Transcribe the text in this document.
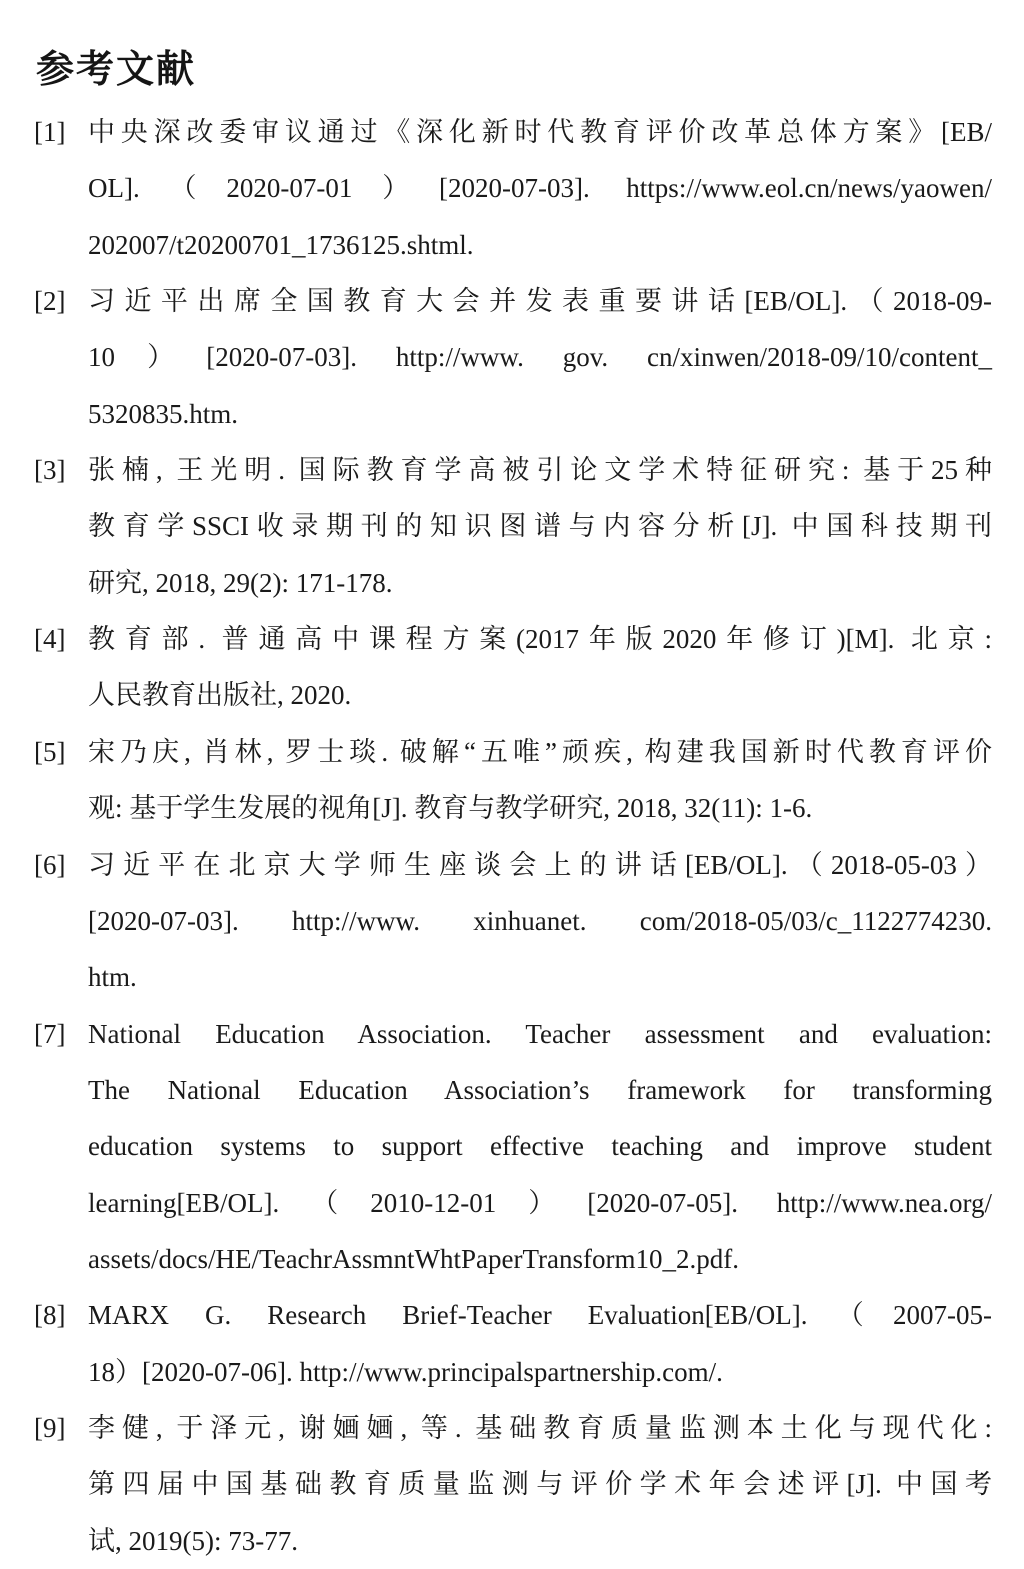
参考文献
[1] 中央深改委审议通过《深化新时代教育评价改革总体方案》[EB/
OL].（2020-07-01）[2020-07-03]. https://www.eol.cn/news/yaowen/
202007/t20200701_1736125.shtml.
[2] 习近平出席全国教育大会并发表重要讲话[EB/OL].（2018-09-
10）[2020-07-03]. http://www. gov. cn/xinwen/2018-09/10/content_
5320835.htm.
[3] 张楠, 王光明. 国际教育学高被引论文学术特征研究: 基于25种
教育学SSCI收录期刊的知识图谱与内容分析[J]. 中国科技期刊
研究, 2018, 29(2): 171-178.
[4] 教育部. 普通高中课程方案(2017年版2020年修订)[M]. 北京:
人民教育出版社, 2020.
[5] 宋乃庆, 肖林, 罗士琰. 破解“五唯”顽疾, 构建我国新时代教育评价
观: 基于学生发展的视角[J]. 教育与教学研究, 2018, 32(11): 1-6.
[6] 习近平在北京大学师生座谈会上的讲话[EB/OL].（2018-05-03）
[2020-07-03]. http://www. xinhuanet. com/2018-05/03/c_1122774230.
htm.
[7] National Education Association. Teacher assessment and evaluation:
The National Education Association’s framework for transforming
education systems to support effective teaching and improve student
learning[EB/OL].（2010-12-01）[2020-07-05]. http://www.nea.org/
assets/docs/HE/TeachrAssmntWhtPaperTransform10_2.pdf.
[8] MARX G. Research Brief-Teacher Evaluation[EB/OL].（2007-05-
18）[2020-07-06]. http://www.principalspartnership.com/.
[9] 李健, 于泽元, 谢婳婳, 等. 基础教育质量监测本土化与现代化:
第四届中国基础教育质量监测与评价学术年会述评[J]. 中国考
试, 2019(5): 73-77.
